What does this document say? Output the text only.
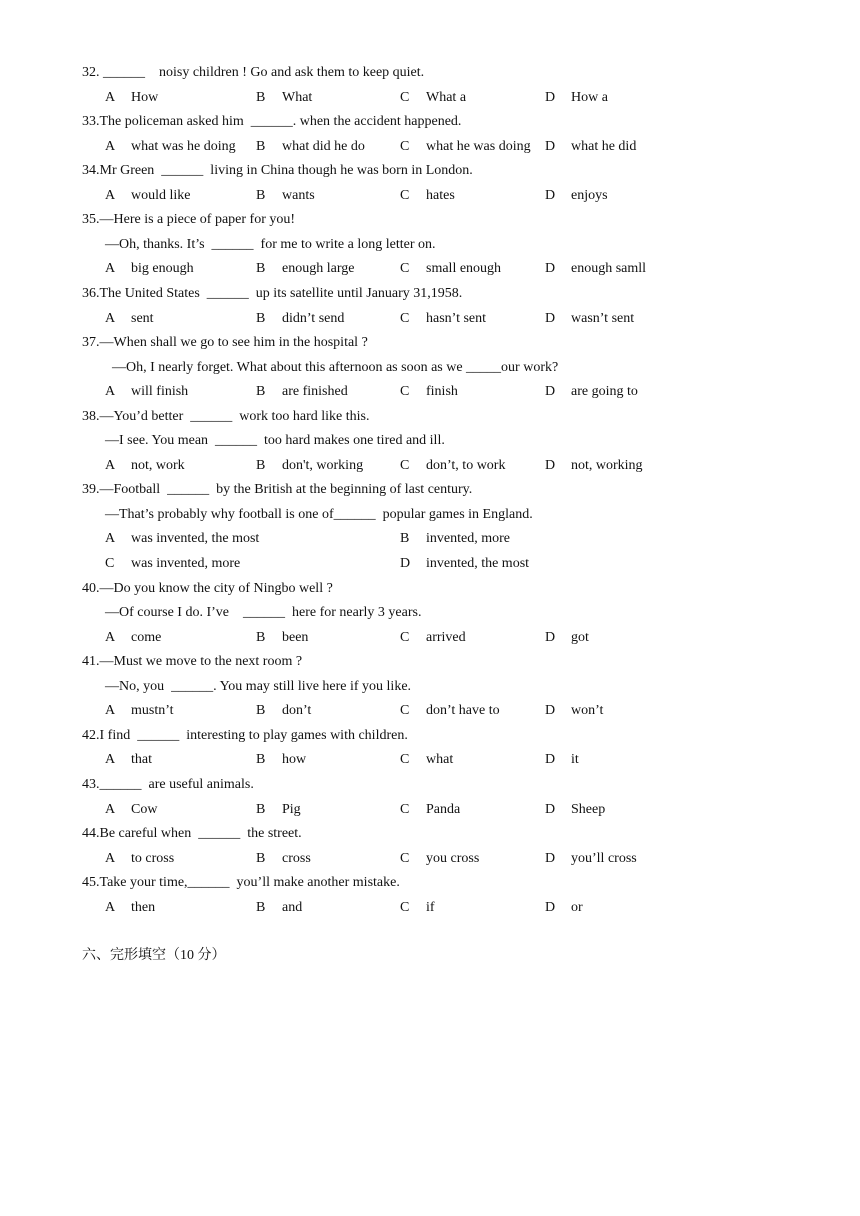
32. ______    noisy children ! Go and ask them to keep quiet.
A How	B What	C What a	D How a
33.The policeman asked him  ______. when the accident happened.
A what was he doing B what did he do	C what he was doing D what he did
34.Mr Green  ______  living in China though he was born in London.
A would like	B wants	C hates	D enjoys
35.—Here is a piece of paper for you!
—Oh, thanks. It’s  ______  for me to write a long letter on.
A big enough	B enough large	C small enough	D enough samll
36.The United States  ______  up its satellite until January 31,1958.
A sent	B didn’t send	C hasn’t sent	D wasn’t sent
37.—When shall we go to see him in the hospital ?
—Oh, I nearly forget. What about this afternoon as soon as we _____our work?
A will finish	B are finished	C finish	D are going to
38.—You’d better  ______  work too hard like this.
—I see. You mean  ______  too hard makes one tired and ill.
A not, work	B don't, working	C don’t, to work	D not, working
39.—Football  ______  by the British at the beginning of last century.
—That’s probably why football is one of______  popular games in England.
A was invented, the most	B invented, more
C was invented, more	D invented, the most
40.—Do you know the city of Ningbo well ?
—Of course I do. I’ve    ______  here for nearly 3 years.
A come	B been	C arrived	D got
41.—Must we move to the next room ?
—No, you  ______. You may still live here if you like.
A mustn’t	B don’t	C don’t have to	D won’t
42.I find  ______  interesting to play games with children.
A that	B how	C what	D it
43.______  are useful animals.
A Cow	B Pig	C Panda	D Sheep
44.Be careful when  ______  the street.
A to cross	B cross	C you cross	D you’ll cross
45.Take your time,______  you’ll make another mistake.
A then	B and	C if	D or
六、完形填空（10 分）
